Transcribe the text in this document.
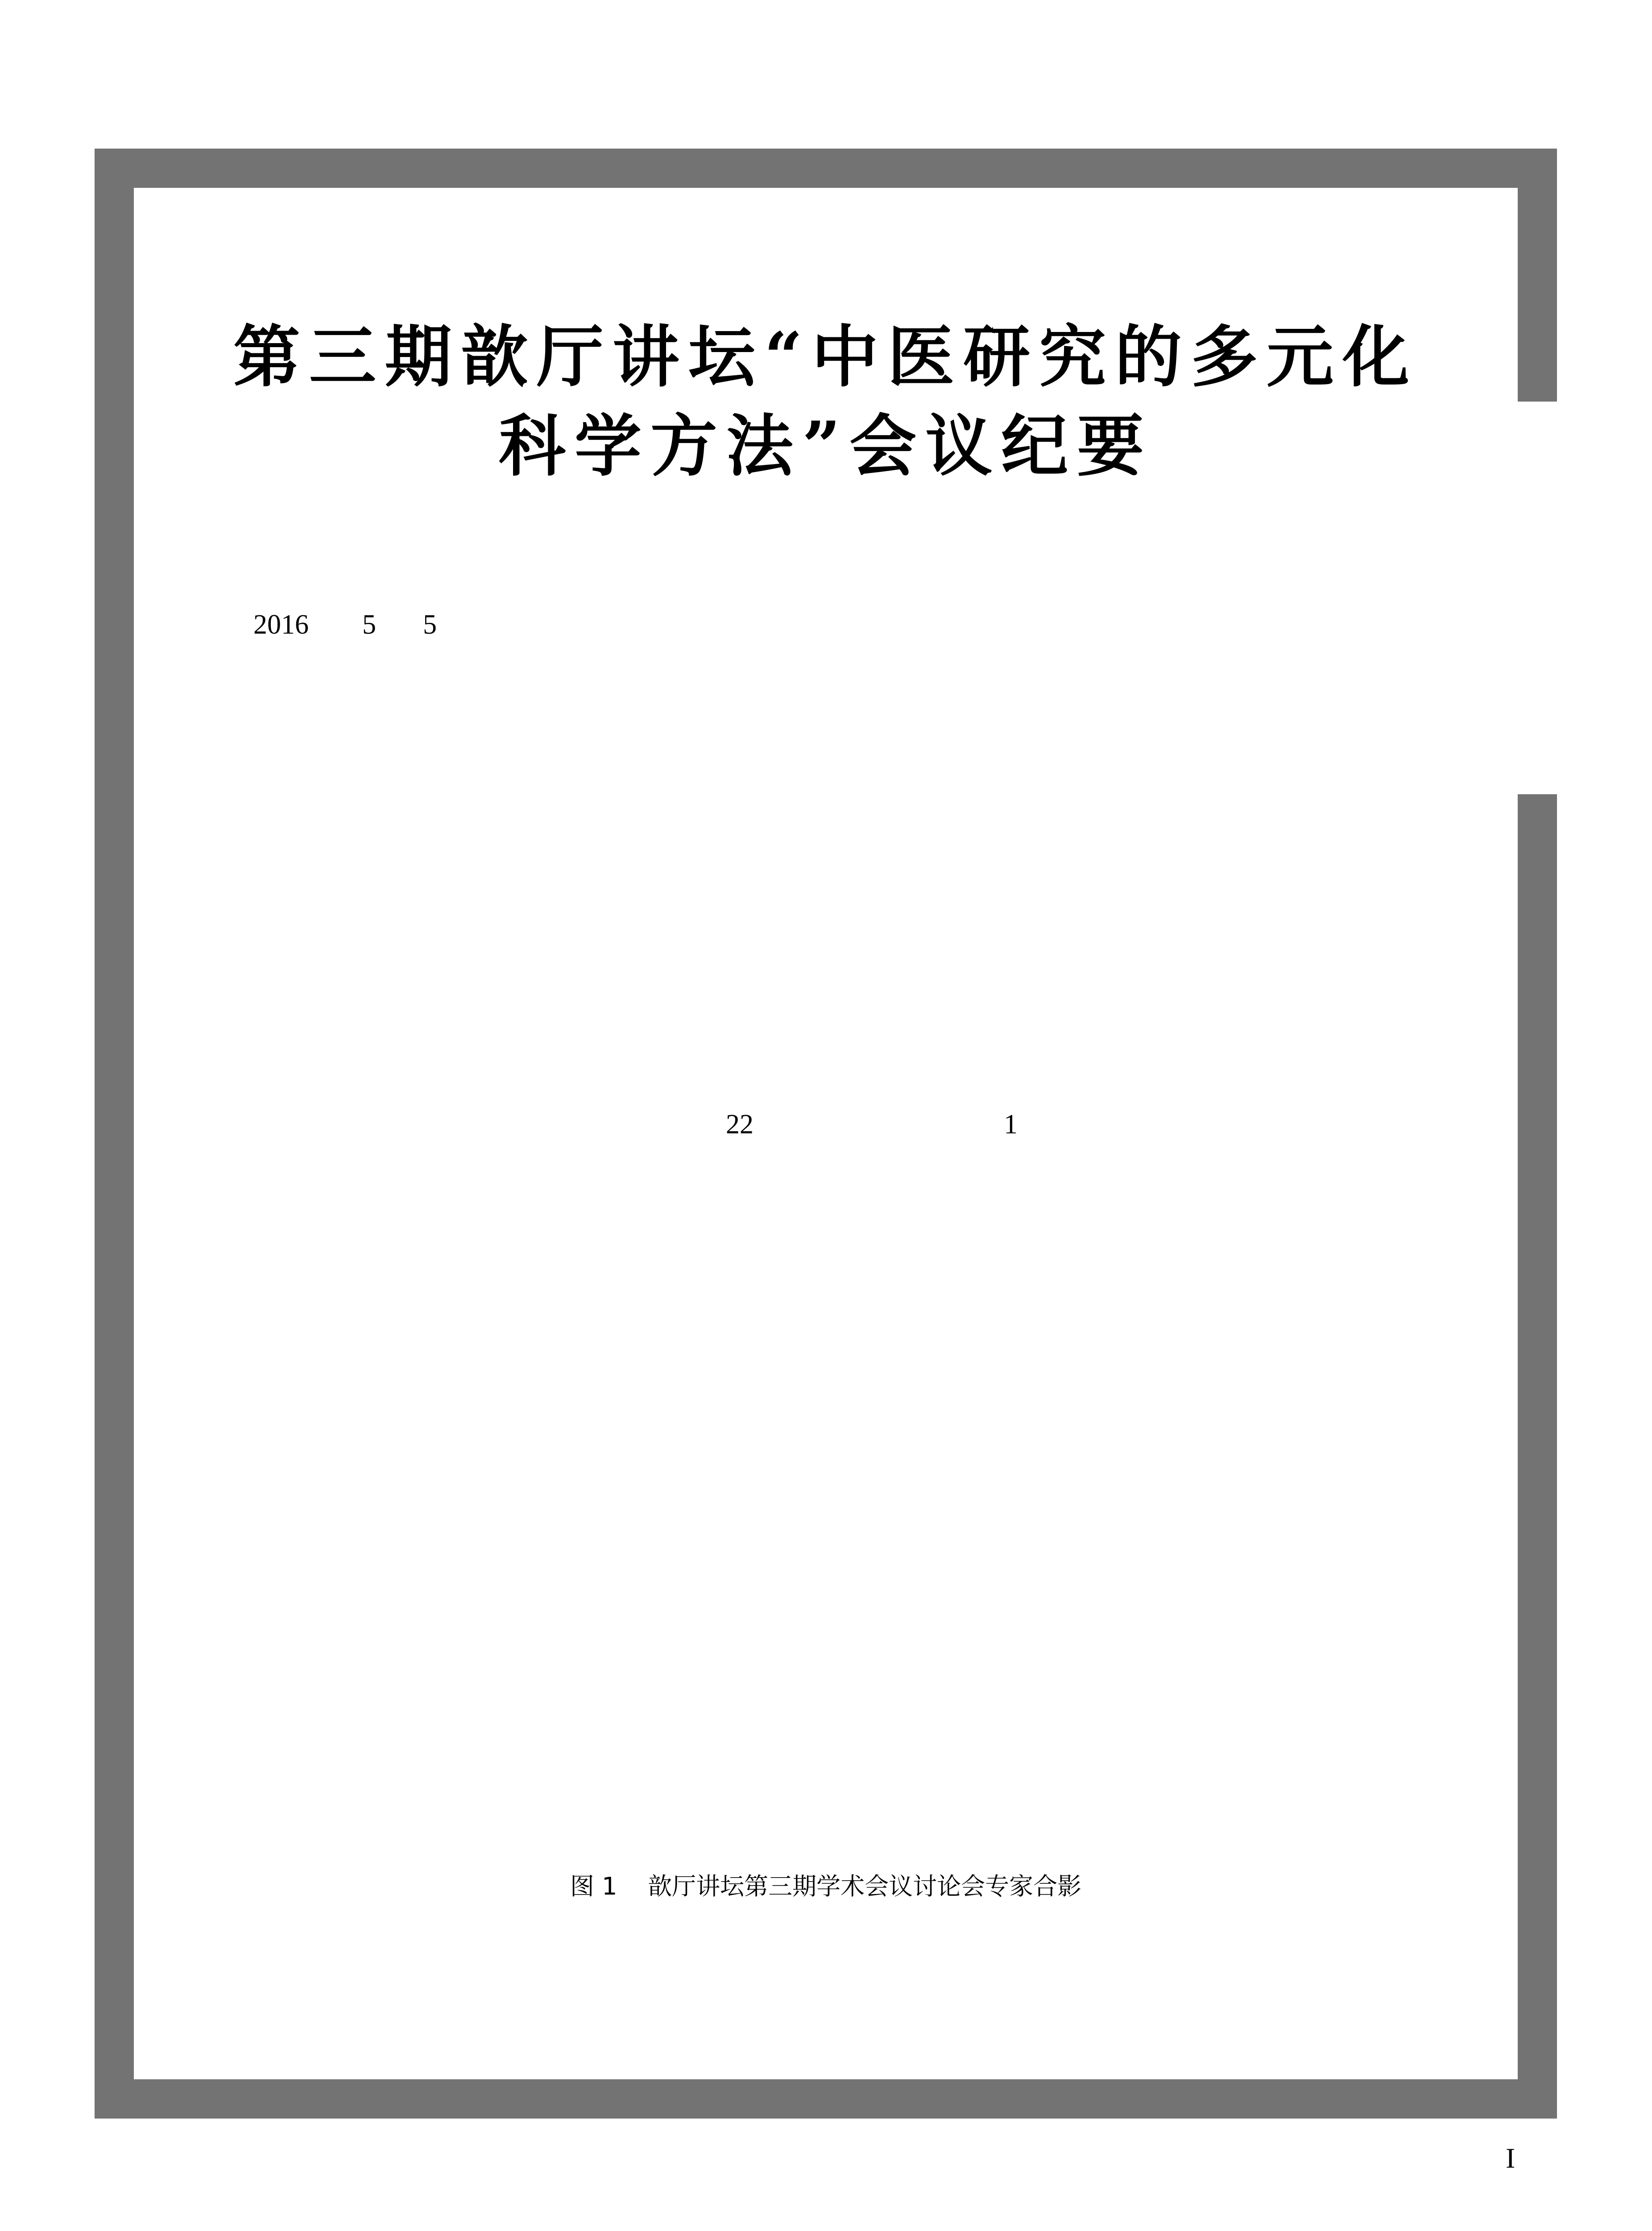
第三期歆厅讲坛“中医研究的多元化
科学方法”会议纪要
2016 5 5
22	1
图 1    歆厅讲坛第三期学术会议讨论会专家合影
I
